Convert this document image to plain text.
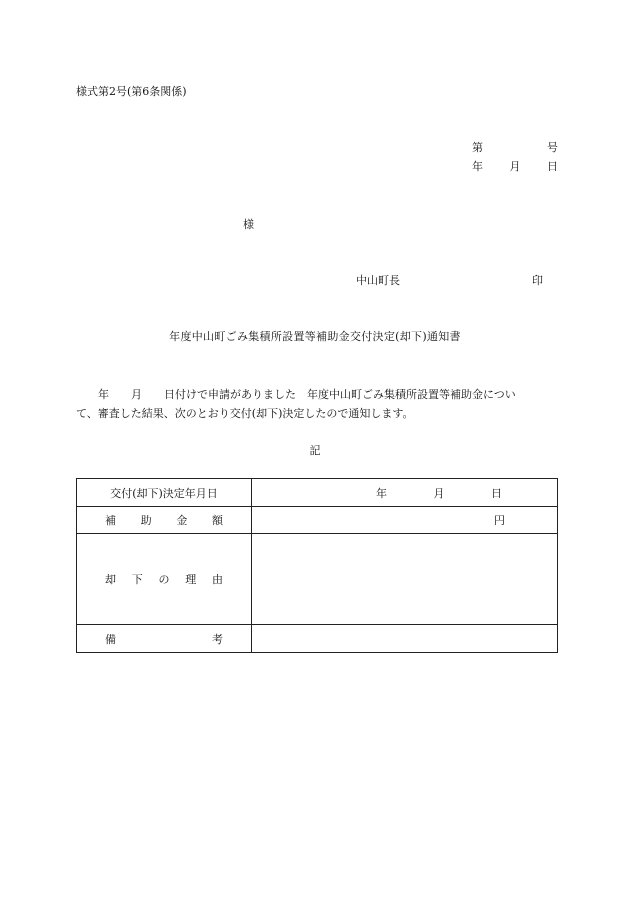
様式第2号(第6条関係)
第	号
年 月 日
様
中山町長	印
年度中山町ごみ集積所設置等補助金交付決定(却下)通知書
　　年　　月　　日付けで申請がありました　年度中山町ごみ集積所設置等補助金につい
て、審査した結果、次のとおり交付(却下)決定したので通知します。
記
交付(却下)決定年月日	年 月 日

補 助 金 額	円

却 下 の 理 由	

備 考	
